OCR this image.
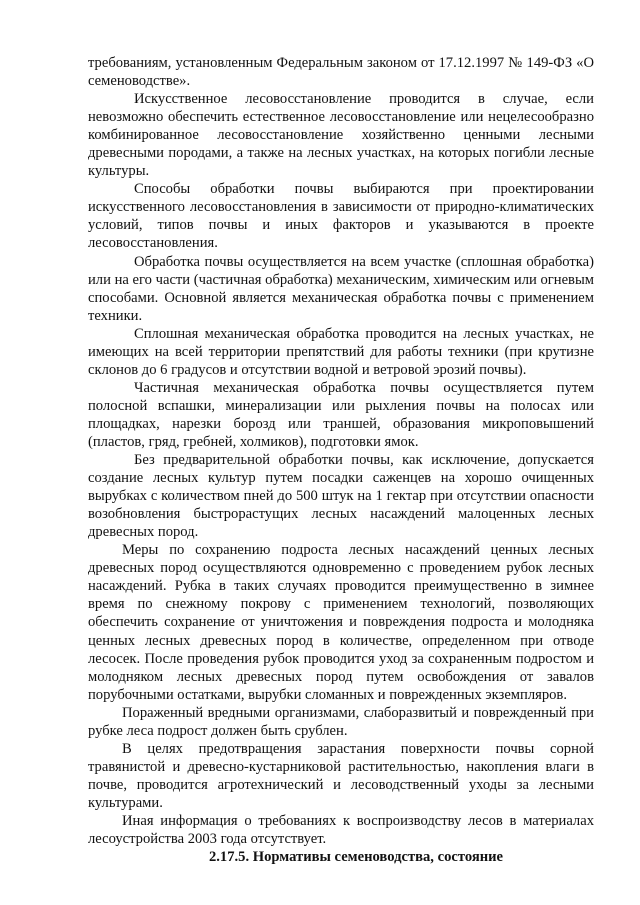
требованиям, установленным Федеральным законом от 17.12.1997 № 149-ФЗ «О семеноводстве».

Искусственное лесовосстановление проводится в случае, если невозможно обеспечить естественное лесовосстановление или нецелесообразно комбинированное лесовосстановление хозяйственно ценными лесными древесными породами, а также на лесных участках, на которых погибли лесные культуры.

Способы обработки почвы выбираются при проектировании искусственного лесовосстановления в зависимости от природно-климатических условий, типов почвы и иных факторов и указываются в проекте лесовосстановления.

Обработка почвы осуществляется на всем участке (сплошная обработка) или на его части (частичная обработка) механическим, химическим или огневым способами. Основной является механическая обработка почвы с применением техники.

Сплошная механическая обработка проводится на лесных участках, не имеющих на всей территории препятствий для работы техники (при крутизне склонов до 6 градусов и отсутствии водной и ветровой эрозий почвы).

Частичная механическая обработка почвы осуществляется путем полосной вспашки, минерализации или рыхления почвы на полосах или площадках, нарезки борозд или траншей, образования микроповышений (пластов, гряд, гребней, холмиков), подготовки ямок.

Без предварительной обработки почвы, как исключение, допускается создание лесных культур путем посадки саженцев на хорошо очищенных вырубках с количеством пней до 500 штук на 1 гектар при отсутствии опасности возобновления быстрорастущих лесных насаждений малоценных лесных древесных пород.

Меры по сохранению подроста лесных насаждений ценных лесных древесных пород осуществляются одновременно с проведением рубок лесных насаждений. Рубка в таких случаях проводится преимущественно в зимнее время по снежному покрову с применением технологий, позволяющих обеспечить сохранение от уничтожения и повреждения подроста и молодняка ценных лесных древесных пород в количестве, определенном при отводе лесосек. После проведения рубок проводится уход за сохраненным подростом и молодняком лесных древесных пород путем освобождения от завалов порубочными остатками, вырубки сломанных и поврежденных экземпляров.

Пораженный вредными организмами, слаборазвитый и поврежденный при рубке леса подрост должен быть срублен.

В целях предотвращения зарастания поверхности почвы сорной травянистой и древесно-кустарниковой растительностью, накопления влаги в почве, проводится агротехнический и лесоводственный уходы за лесными культурами.

Иная информация о требованиях к воспроизводству лесов в материалах лесоустройства 2003 года отсутствует.

2.17.5. Нормативы семеноводства, состояние
